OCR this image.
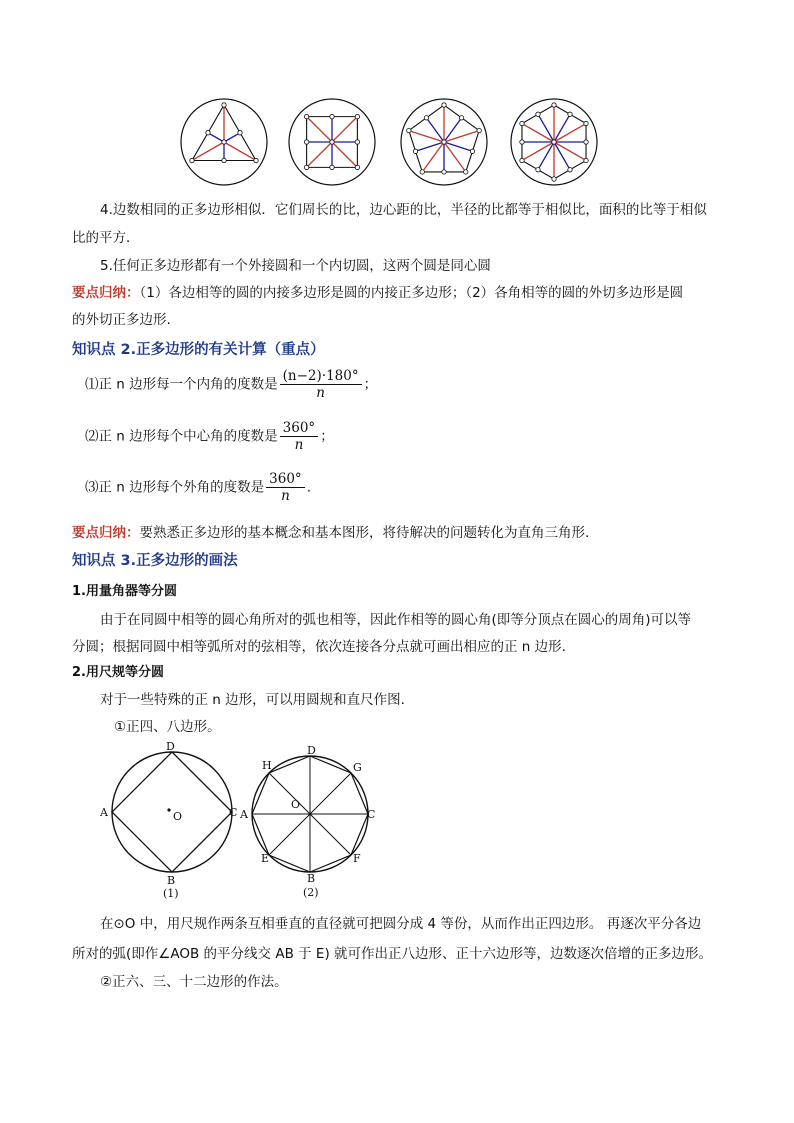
4.边数相同的正多边形相似．它们周长的比，边心距的比，半径的比都等于相似比，面积的比等于相似
比的平方．
5.任何正多边形都有一个外接圆和一个内切圆，这两个圆是同心圆
要点归纳：（1）各边相等的圆的内接多边形是圆的内接正多边形；（2）各角相等的圆的外切多边形是圆
的外切正多边形.
知识点 2.正多边形的有关计算（重点）
⑴正 n 边形每一个内角的度数是 $\frac{(n-2)\cdot 180^\circ}{n}$ ；
⑵正 n 边形每个中心角的度数是 $\frac{360^\circ}{n}$ ；
⑶正 n 边形每个外角的度数是 $\frac{360^\circ}{n}$ .
要点归纳：要熟悉正多边形的基本概念和基本图形，将待解决的问题转化为直角三角形.
知识点 3.正多边形的画法
1.用量角器等分圆
由于在同圆中相等的圆心角所对的弧也相等，因此作相等的圆心角(即等分顶点在圆心的周角)可以等
分圆；根据同圆中相等弧所对的弦相等，依次连接各分点就可画出相应的正 n 边形.
2.用尺规等分圆
对于一些特殊的正 n 边形，可以用圆规和直尺作图.
①正四、八边形。
D
A	C
B
O
(1)
D
H	G
A	C
E	F
B
O
(2)
在⊙O 中，用尺规作两条互相垂直的直径就可把圆分成 4 等份，从而作出正四边形。 再逐次平分各边
所对的弧(即作∠AOB 的平分线交 AB 于 E) 就可作出正八边形、正十六边形等，边数逐次倍增的正多边形。
②正六、三、十二边形的作法。
